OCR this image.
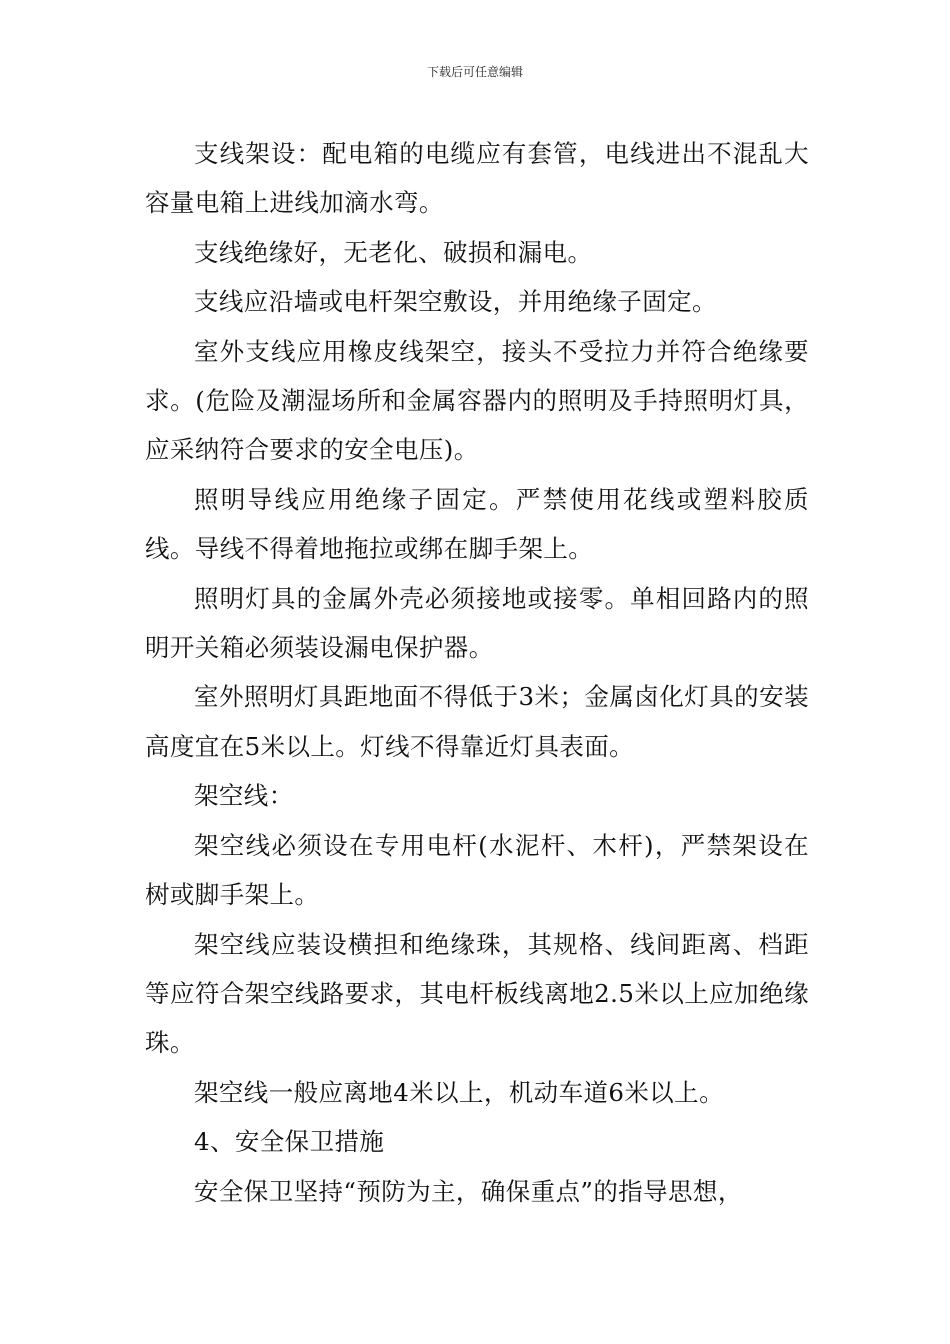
下载后可任意编辑

支线架设：配电箱的电缆应有套管，电线进出不混乱大容量电箱上进线加滴水弯。

支线绝缘好，无老化、破损和漏电。

支线应沿墙或电杆架空敷设，并用绝缘子固定。

室外支线应用橡皮线架空，接头不受拉力并符合绝缘要求。(危险及潮湿场所和金属容器内的照明及手持照明灯具，应采纳符合要求的安全电压)。

照明导线应用绝缘子固定。严禁使用花线或塑料胶质线。导线不得着地拖拉或绑在脚手架上。

照明灯具的金属外壳必须接地或接零。单相回路内的照明开关箱必须装设漏电保护器。

室外照明灯具距地面不得低于3米；金属卤化灯具的安装高度宜在5米以上。灯线不得靠近灯具表面。

架空线：

架空线必须设在专用电杆(水泥杆、木杆)，严禁架设在树或脚手架上。

架空线应装设横担和绝缘珠，其规格、线间距离、档距等应符合架空线路要求，其电杆板线离地2.5米以上应加绝缘珠。

架空线一般应离地4米以上，机动车道6米以上。

4、安全保卫措施

安全保卫坚持“预防为主，确保重点”的指导思想，
